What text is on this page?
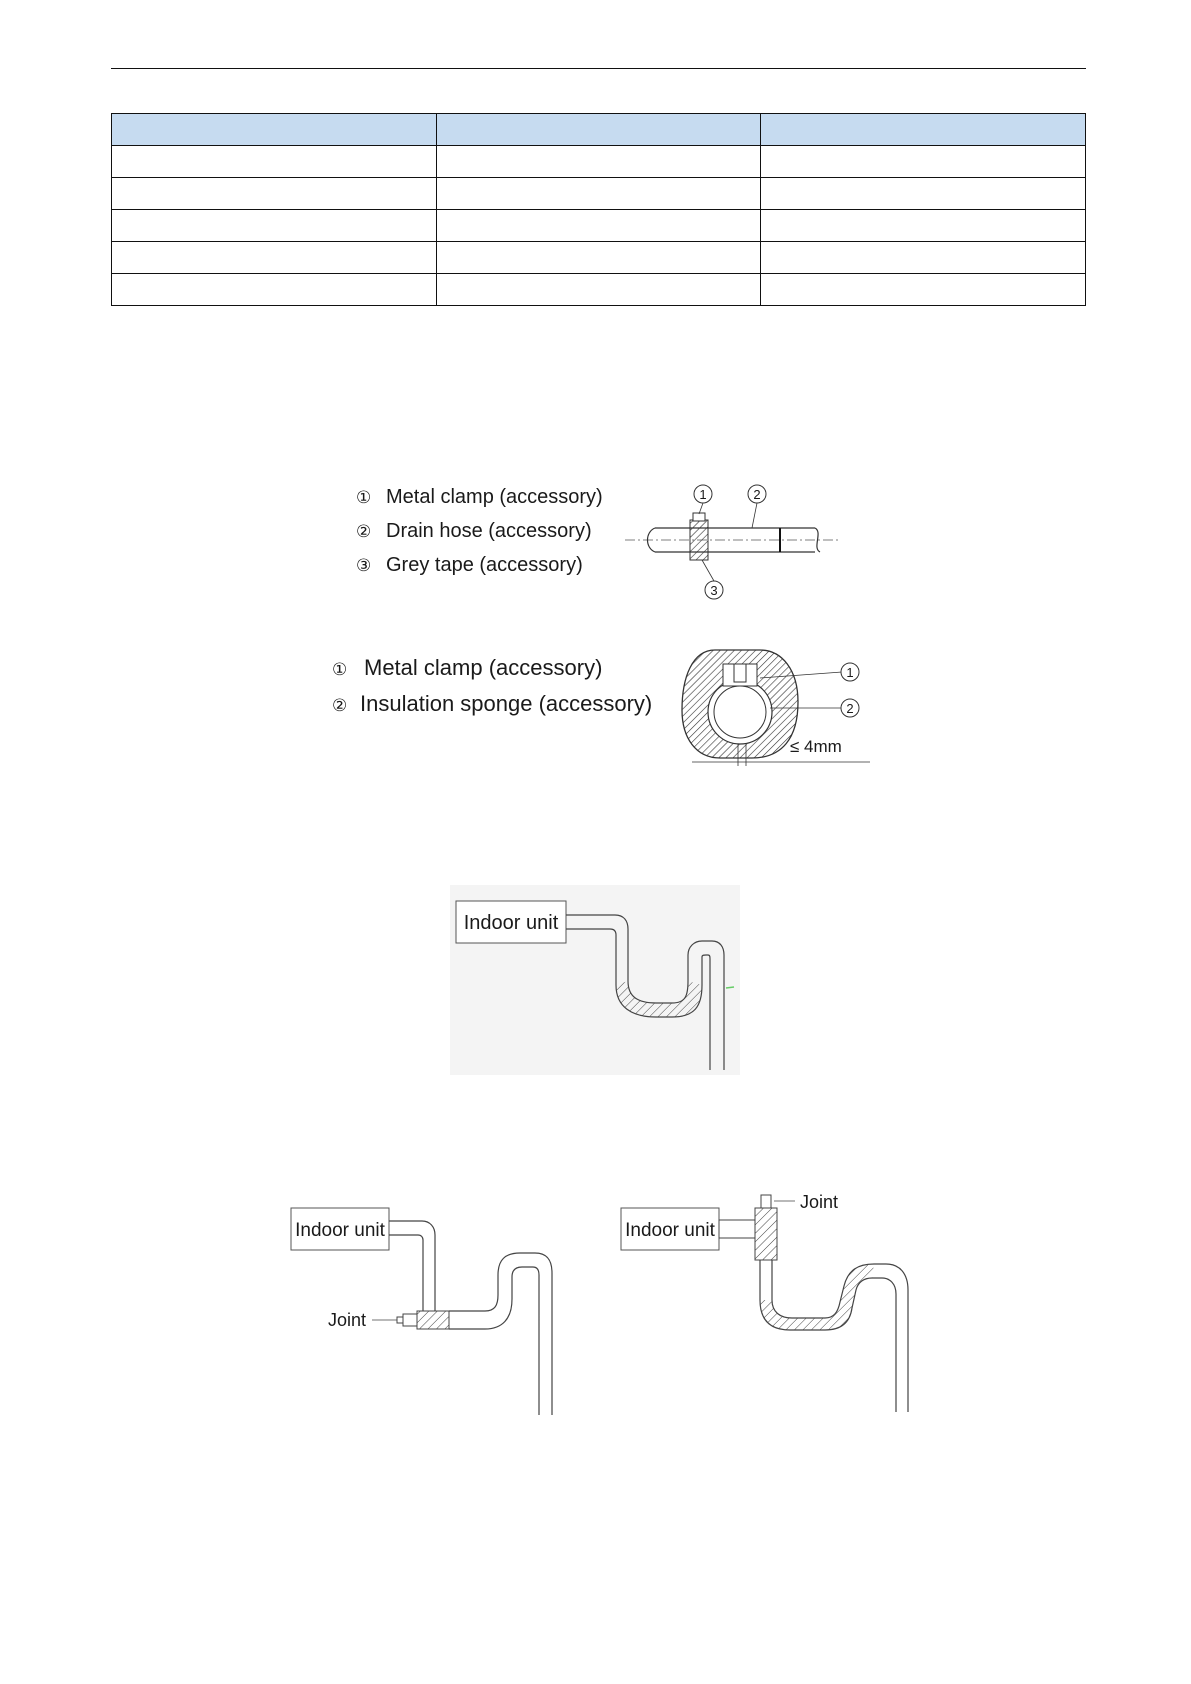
① Metal clamp (accessory)
② Drain hose (accessory)
③ Grey tape (accessory)
1	2
3
① Metal clamp (accessory)
② Insulation sponge (accessory)
1
2
≤ 4mm
Indoor unit
Indoor unit
Joint
Indoor unit
Joint
